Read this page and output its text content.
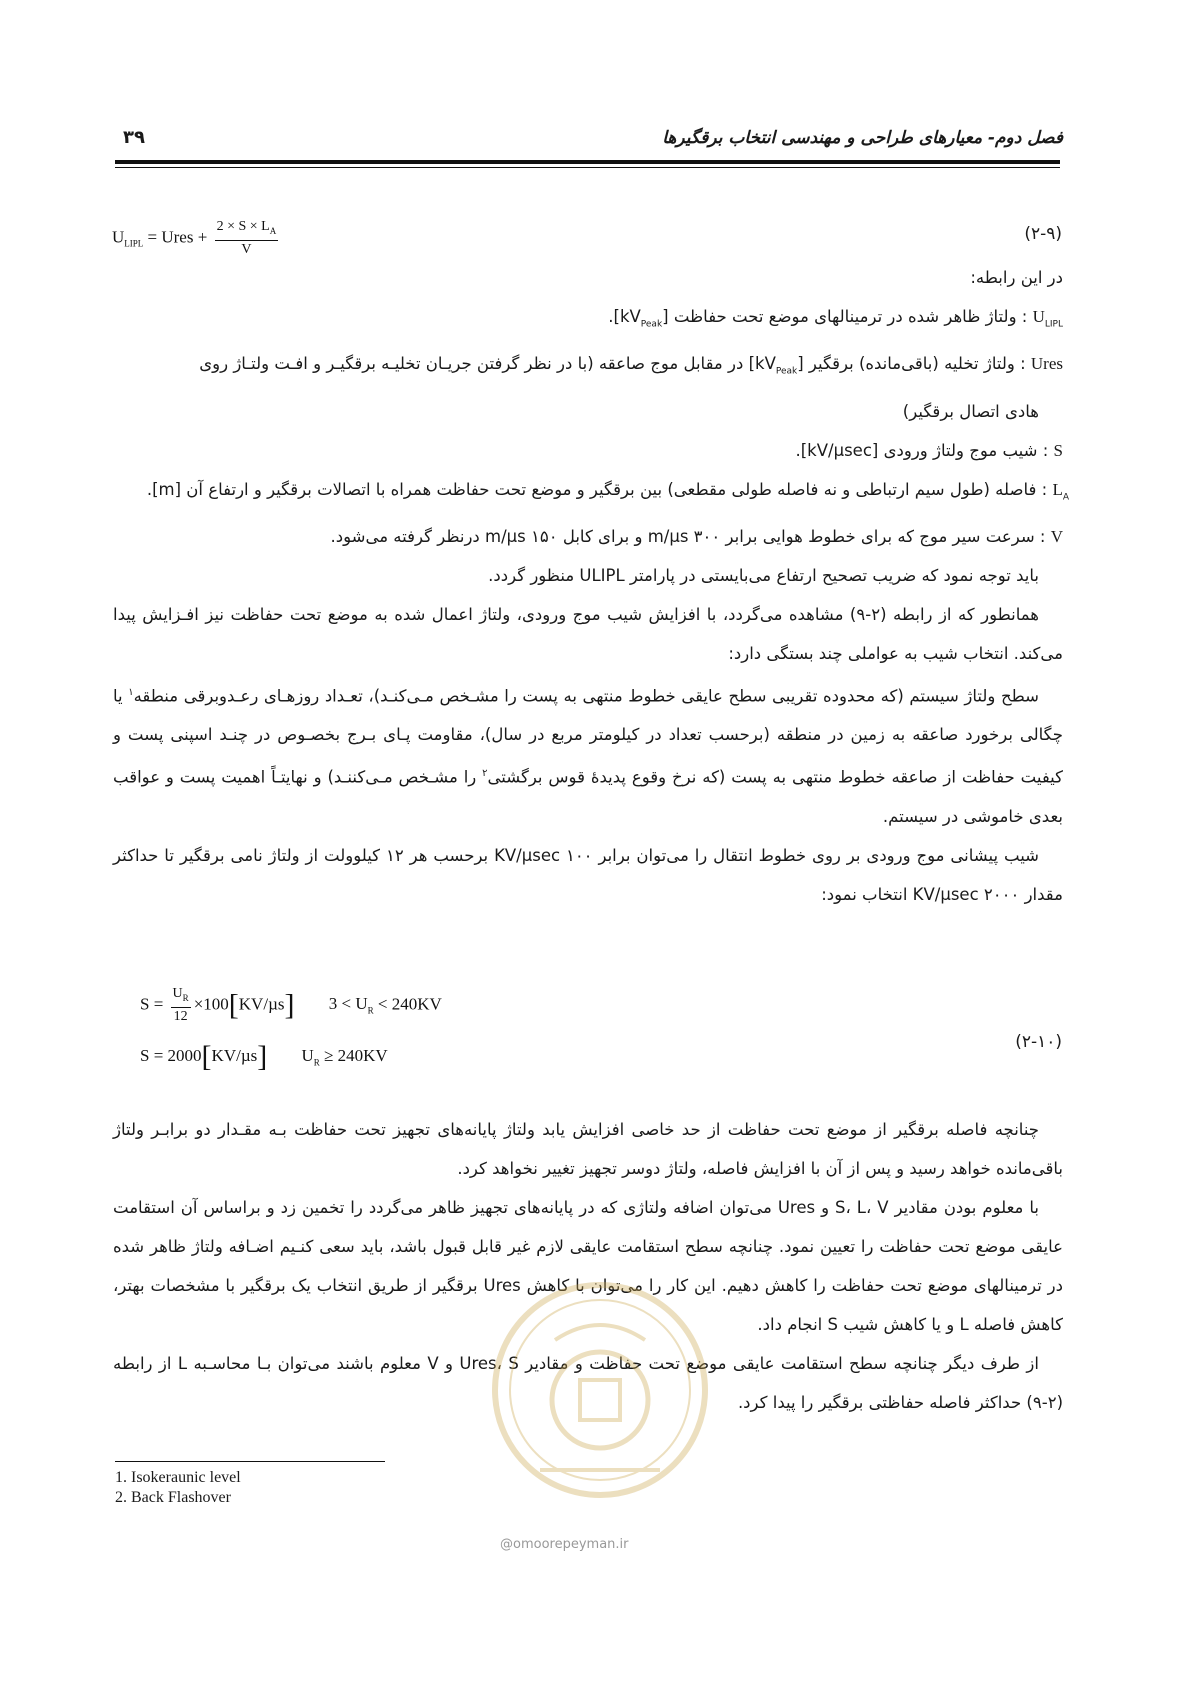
فصل دوم- معیارهای طراحی و مهندسی انتخاب برقگیرها
۳۹
$U_{LIPL}$ = Ures + $\frac{2 \times S \times L_A}{V}$	(۲-۹)

در این رابطه:

$U_{LIPL}$ : ولتاژ ظاهر شده در ترمینالهای موضع تحت حفاظت $[kV_{Peak}]$.

Ures : ولتاژ تخلیه (باقی‌مانده) برقگیر $[kV_{Peak}]$ در مقابل موج صاعقه (با در نظر گرفتن جریـان تخلیـه برقگیـر و افـت ولتـاژ روی

هادی اتصال برقگیر)

S : شیب موج ولتاژ ورودی [kV/µsec].

$L_A$ : فاصله (طول سیم ارتباطی و نه فاصله طولی مقطعی) بین برقگیر و موضع تحت حفاظت همراه با اتصالات برقگیر و ارتفاع آن [m].

V : سرعت سیر موج که برای خطوط هوایی برابر m/µs ۳۰۰ و برای کابل m/µs ۱۵۰ درنظر گرفته می‌شود.

باید توجه نمود که ضریب تصحیح ارتفاع می‌بایستی در پارامتر ULIPL منظور گردد.

همانطور که از رابطه (۲-۹) مشاهده می‌گردد، با افزایش شیب موج ورودی، ولتاژ اعمال شده به موضع تحت حفاظت نیز افـزایش پیدا می‌کند. انتخاب شیب به عواملی چند بستگی دارد:

سطح ولتاژ سیستم (که محدوده تقریبی سطح عایقی خطوط منتهی به پست را مشـخص مـی‌کنـد)، تعـداد روزهـای رعـدوبرقی منطقه$^۱$ یا چگالی برخورد صاعقه به زمین در منطقه (برحسب تعداد در کیلومتر مربع در سال)، مقاومت پـای بـرج بخصـوص در چنـد اسپنی پست و کیفیت حفاظت از صاعقه خطوط منتهی به پست (که نرخ وقوع پدیدهٔ قوس برگشتی$^۲$ را مشـخص مـی‌کننـد) و نهایتـاً اهمیت پست و عواقب بعدی خاموشی در سیستم.

شیب پیشانی موج ورودی بر روی خطوط انتقال را می‌توان برابر KV/µsec ۱۰۰ برحسب هر ۱۲ کیلوولت از ولتاژ نامی برقگیر تا حداکثر مقدار KV/µsec ۲۰۰۰ انتخاب نمود:

$S = \frac{U_R}{12} \times 100[KV/\mu s] 3 < U_R < 240KV$
S = 2000[KV/µs] $U_R \ge 240KV$
(۲-۱۰)

چنانچه فاصله برقگیر از موضع تحت حفاظت از حد خاصی افزایش یابد ولتاژ پایانه‌های تجهیز تحت حفاظت بـه مقـدار دو برابـر ولتاژ باقی‌مانده خواهد رسید و پس از آن با افزایش فاصله، ولتاژ دوسر تجهیز تغییر نخواهد کرد.

با معلوم بودن مقادیر S، L، V و Ures می‌توان اضافه ولتاژی که در پایانه‌های تجهیز ظاهر می‌گردد را تخمین زد و براساس آن استقامت عایقی موضع تحت حفاظت را تعیین نمود. چنانچه سطح استقامت عایقی لازم غیر قابل قبول باشد، باید سعی کنـیم اضـافه ولتاژ ظاهر شده در ترمینالهای موضع تحت حفاظت را کاهش دهیم. این کار را می‌توان با کاهش Ures برقگیر از طریق انتخاب یک برقگیر با مشخصات بهتر، کاهش فاصله L و یا کاهش شیب S انجام داد.

از طرف دیگر چنانچه سطح استقامت عایقی موضع تحت حفاظت و مقادیر Ures، S و V معلوم باشند می‌توان بـا محاسـبه L از رابطه (۲-۹) حداکثر فاصله حفاظتی برقگیر را پیدا کرد.

@omoorepeyman.ir
1. Isokeraunic level
2. Back Flashover
